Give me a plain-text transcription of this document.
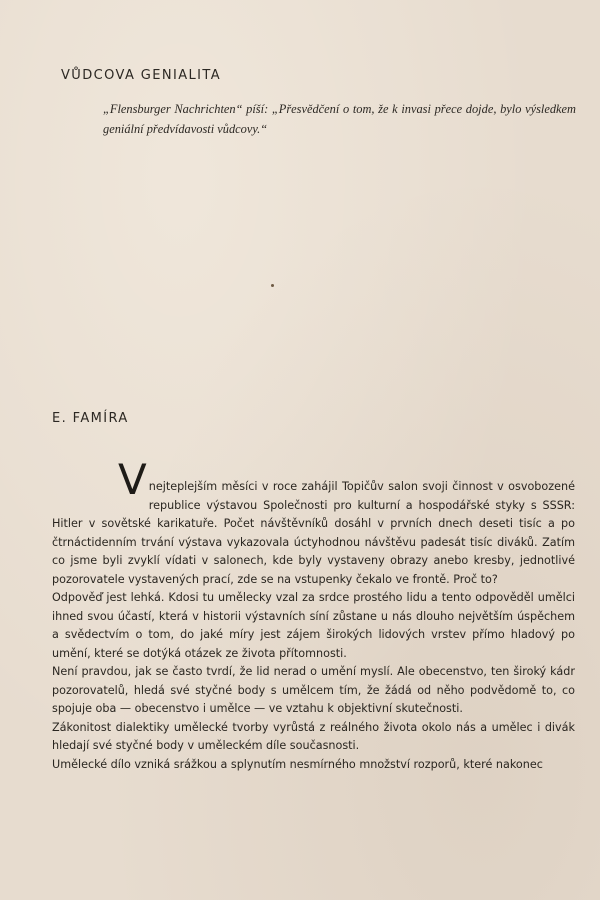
VŮDCOVA GENIALITA

„Flensburger Nachrichten“ píší: „Přesvědčení o tom, že k invasi přece dojde, bylo výsledkem geniální předvídavosti vůdcovy.“

E. FAMÍRA

Vnejteplejším měsíci v roce zahájil Topičův salon svoji činnost v osvobozené republice výstavou Společnosti pro kulturní a hospodářské styky s SSSR: Hitler v sovětské karikatuře. Počet návštěvníků dosáhl v prvních dnech deseti tisíc a po čtrnáctidenním trvání výstava vykazovala úctyhodnou návštěvu padesát tisíc diváků. Zatím co jsme byli zvyklí vídati v salonech, kde byly vystaveny obrazy anebo kresby, jednotlivé pozorovatele vystavených prací, zde se na vstupenky čekalo ve frontě. Proč to?

Odpověď jest lehká. Kdosi tu umělecky vzal za srdce prostého lidu a tento odpověděl umělci ihned svou účastí, která v historii výstavních síní zůstane u nás dlouho největším úspěchem a svědectvím o tom, do jaké míry jest zájem širokých lidových vrstev přímo hladový po umění, které se dotýká otázek ze života přítomnosti.

Není pravdou, jak se často tvrdí, že lid nerad o umění myslí. Ale obecenstvo, ten široký kádr pozorovatelů, hledá své styčné body s umělcem tím, že žádá od něho podvědomě to, co spojuje oba — obecenstvo i umělce — ve vztahu k objektivní skutečnosti.

Zákonitost dialektiky umělecké tvorby vyrůstá z reálného života okolo nás a umělec i divák hledají své styčné body v uměleckém díle současnosti.

Umělecké dílo vzniká srážkou a splynutím nesmírného množství rozporů, které nakonec
